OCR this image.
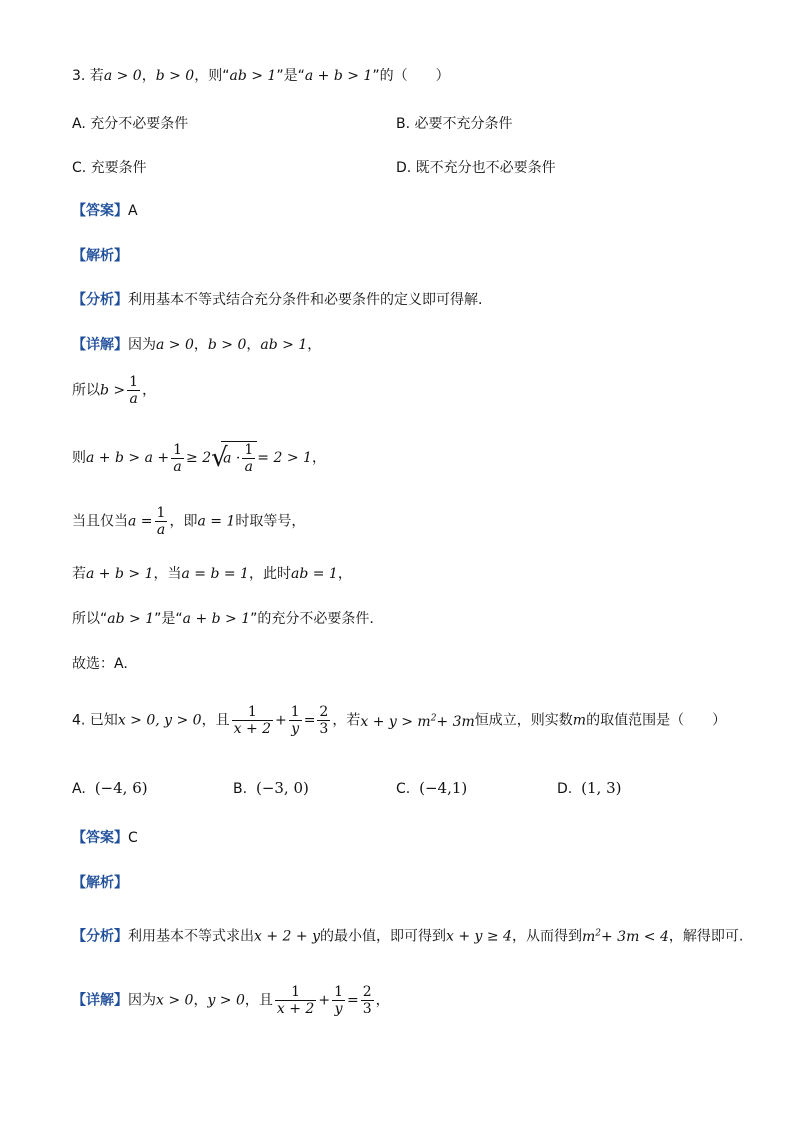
3. 若a > 0，b > 0，则“ab > 1”是“a + b > 1”的（　　）
A. 充分不必要条件	B. 必要不充分条件
C. 充要条件	D. 既不充分也不必要条件
【答案】A
【解析】
【分析】利用基本不等式结合充分条件和必要条件的定义即可得解.
【详解】因为a > 0，b > 0，ab > 1，
所以$b > \frac{1}{a}$ ，
则$a + b > a + \frac{1}{a} \ge 2$ √
$a \cdot \frac{1}{a} = 2 > 1$，
当且仅当$a = \frac{1}{a}$ ，即a = 1时取等号，
若a + b > 1，当a = b = 1，此时ab = 1，
所以“ab > 1”是“a + b > 1”的充分不必要条件.
故选：A.
4. 已知x > 0, y > 0，且 $\frac{1}{x + 2} + \frac{1}{y} = \frac{2}{3}$ ，若$x + y > m^2+ 3m$恒成立，则实数m的取值范围是（　　）
A. (−4, 6)	B. (−3, 0)	C. (−4,1)	D. (1, 3)
【答案】C
【解析】
【分析】利用基本不等式求出x + 2 + y的最小值，即可得到x + y ≥ 4，从而得到$m^2+ 3m < 4$，解得即可.
【详解】因为x > 0，y > 0，且 $\frac{1}{x + 2} + \frac{1}{y} = \frac{2}{3}$ ，
